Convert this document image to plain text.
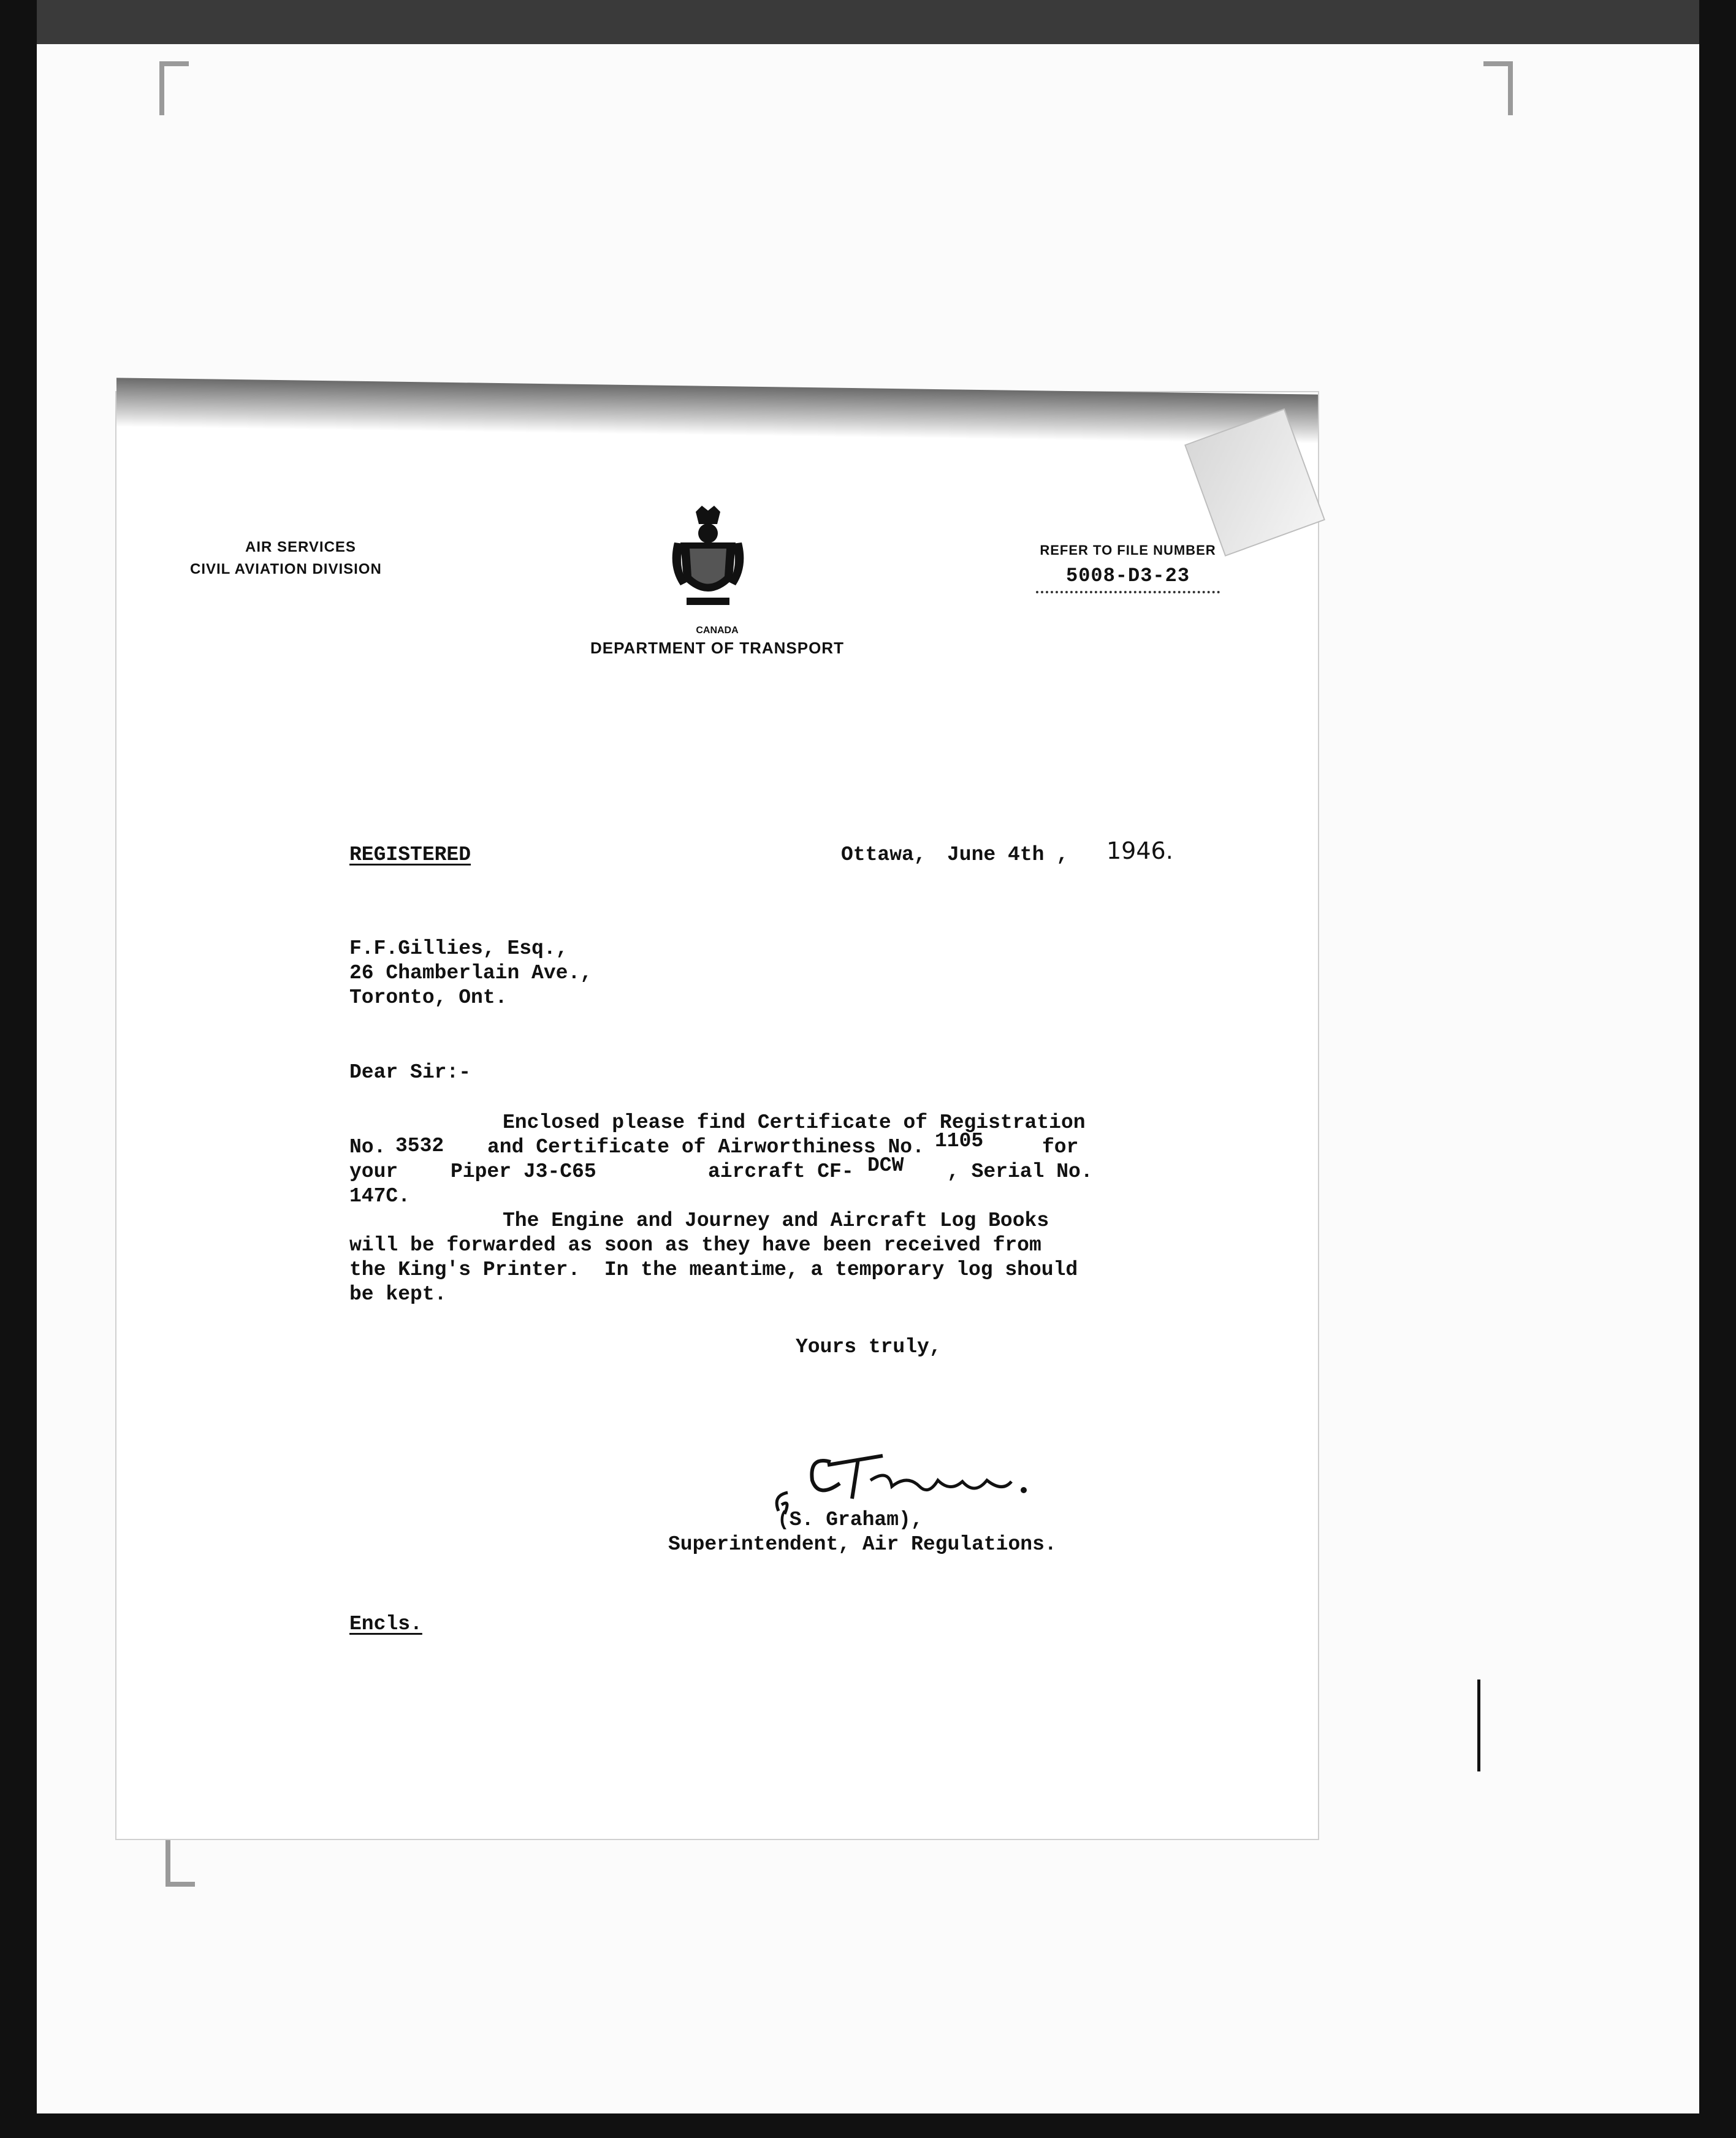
AIR SERVICES
CIVIL AVIATION DIVISION
CANADA
DEPARTMENT OF TRANSPORT
REFER TO FILE NUMBER
5008-D3-23
REGISTERED	Ottawa, June 4th , 1946.
F.F.Gillies, Esq.,
26 Chamberlain Ave.,
Toronto, Ont.
Dear Sir:-
Enclosed please find Certificate of Registration
No. 3532 and Certificate of Airworthiness No. 1105	for
your	Piper J3-C65	aircraft CF- DCW , Serial No.
147C.
The Engine and Journey and Aircraft Log Books
will be forwarded as soon as they have been received from
the King's Printer.  In the meantime, a temporary log should
be kept.
Yours truly,
(S. Graham),
Superintendent, Air Regulations.
Encls.
